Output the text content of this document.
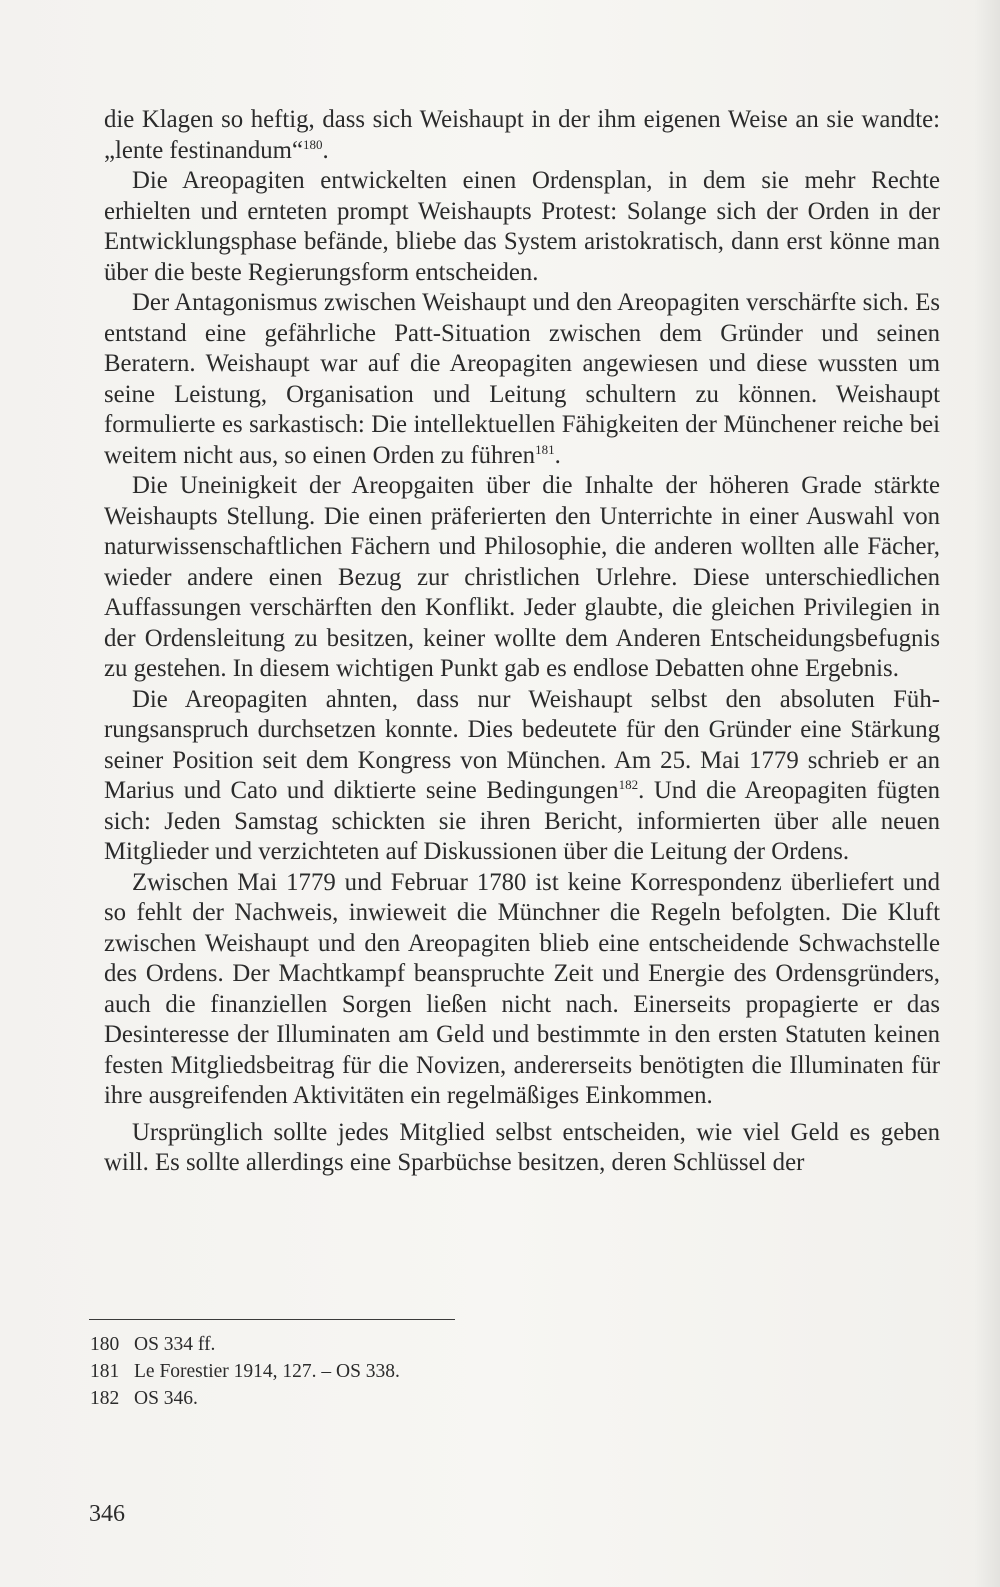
die Klagen so heftig, dass sich Weishaupt in der ihm eigenen Weise an sie wandte: „lente festinandum“$^{180}$.

Die Areopagiten entwickelten einen Ordensplan, in dem sie mehr Rechte erhielten und ernteten prompt Weishaupts Protest: Solange sich der Orden in der Entwicklungsphase befände, bliebe das System aristokratisch, dann erst könne man über die beste Regierungsform entscheiden.

Der Antagonismus zwischen Weishaupt und den Areopagiten verschärfte sich. Es entstand eine gefährliche Patt-Situation zwischen dem Gründer und seinen Beratern. Weishaupt war auf die Areopagiten angewiesen und diese wussten um seine Leistung, Organisation und Leitung schultern zu können. Weishaupt formulierte es sarkastisch: Die intellektuellen Fähigkeiten der Münchener reiche bei weitem nicht aus, so einen Orden zu führen$^{181}$.

Die Uneinigkeit der Areopgaiten über die Inhalte der höheren Grade stärkte Weishaupts Stellung. Die einen präferierten den Unterrichte in einer Auswahl von naturwissenschaftlichen Fächern und Philosophie, die anderen wollten alle Fächer, wieder andere einen Bezug zur christlichen Urlehre. Diese unterschiedlichen Auffassungen verschärften den Konflikt. Jeder glaubte, die gleichen Privilegien in der Ordensleitung zu besitzen, keiner wollte dem Anderen Entscheidungsbefugnis zu gestehen. In diesem wichtigen Punkt gab es endlose Debatten ohne Ergebnis.

Die Areopagiten ahnten, dass nur Weishaupt selbst den absoluten Führungsanspruch durchsetzen konnte. Dies bedeutete für den Gründer eine Stärkung seiner Position seit dem Kongress von München. Am 25. Mai 1779 schrieb er an Marius und Cato und diktierte seine Bedingungen$^{182}$. Und die Areopagiten fügten sich: Jeden Samstag schickten sie ihren Bericht, informierten über alle neuen Mitglieder und verzichteten auf Diskussionen über die Leitung der Ordens.

Zwischen Mai 1779 und Februar 1780 ist keine Korrespondenz überliefert und so fehlt der Nachweis, inwieweit die Münchner die Regeln befolgten. Die Kluft zwischen Weishaupt und den Areopagiten blieb eine entscheidende Schwachstelle des Ordens. Der Machtkampf beanspruchte Zeit und Energie des Ordensgründers, auch die finanziellen Sorgen ließen nicht nach. Einerseits propagierte er das Desinteresse der Illuminaten am Geld und bestimmte in den ersten Statuten keinen festen Mitgliedsbeitrag für die Novizen, andererseits benötigten die Illuminaten für ihre ausgreifenden Aktivitäten ein regelmäßiges Einkommen.

Ursprünglich sollte jedes Mitglied selbst entscheiden, wie viel Geld es geben will. Es sollte allerdings eine Sparbüchse besitzen, deren Schlüssel der

180 OS 334 ff.
181 Le Forestier 1914, 127. – OS 338.
182 OS 346.
346
